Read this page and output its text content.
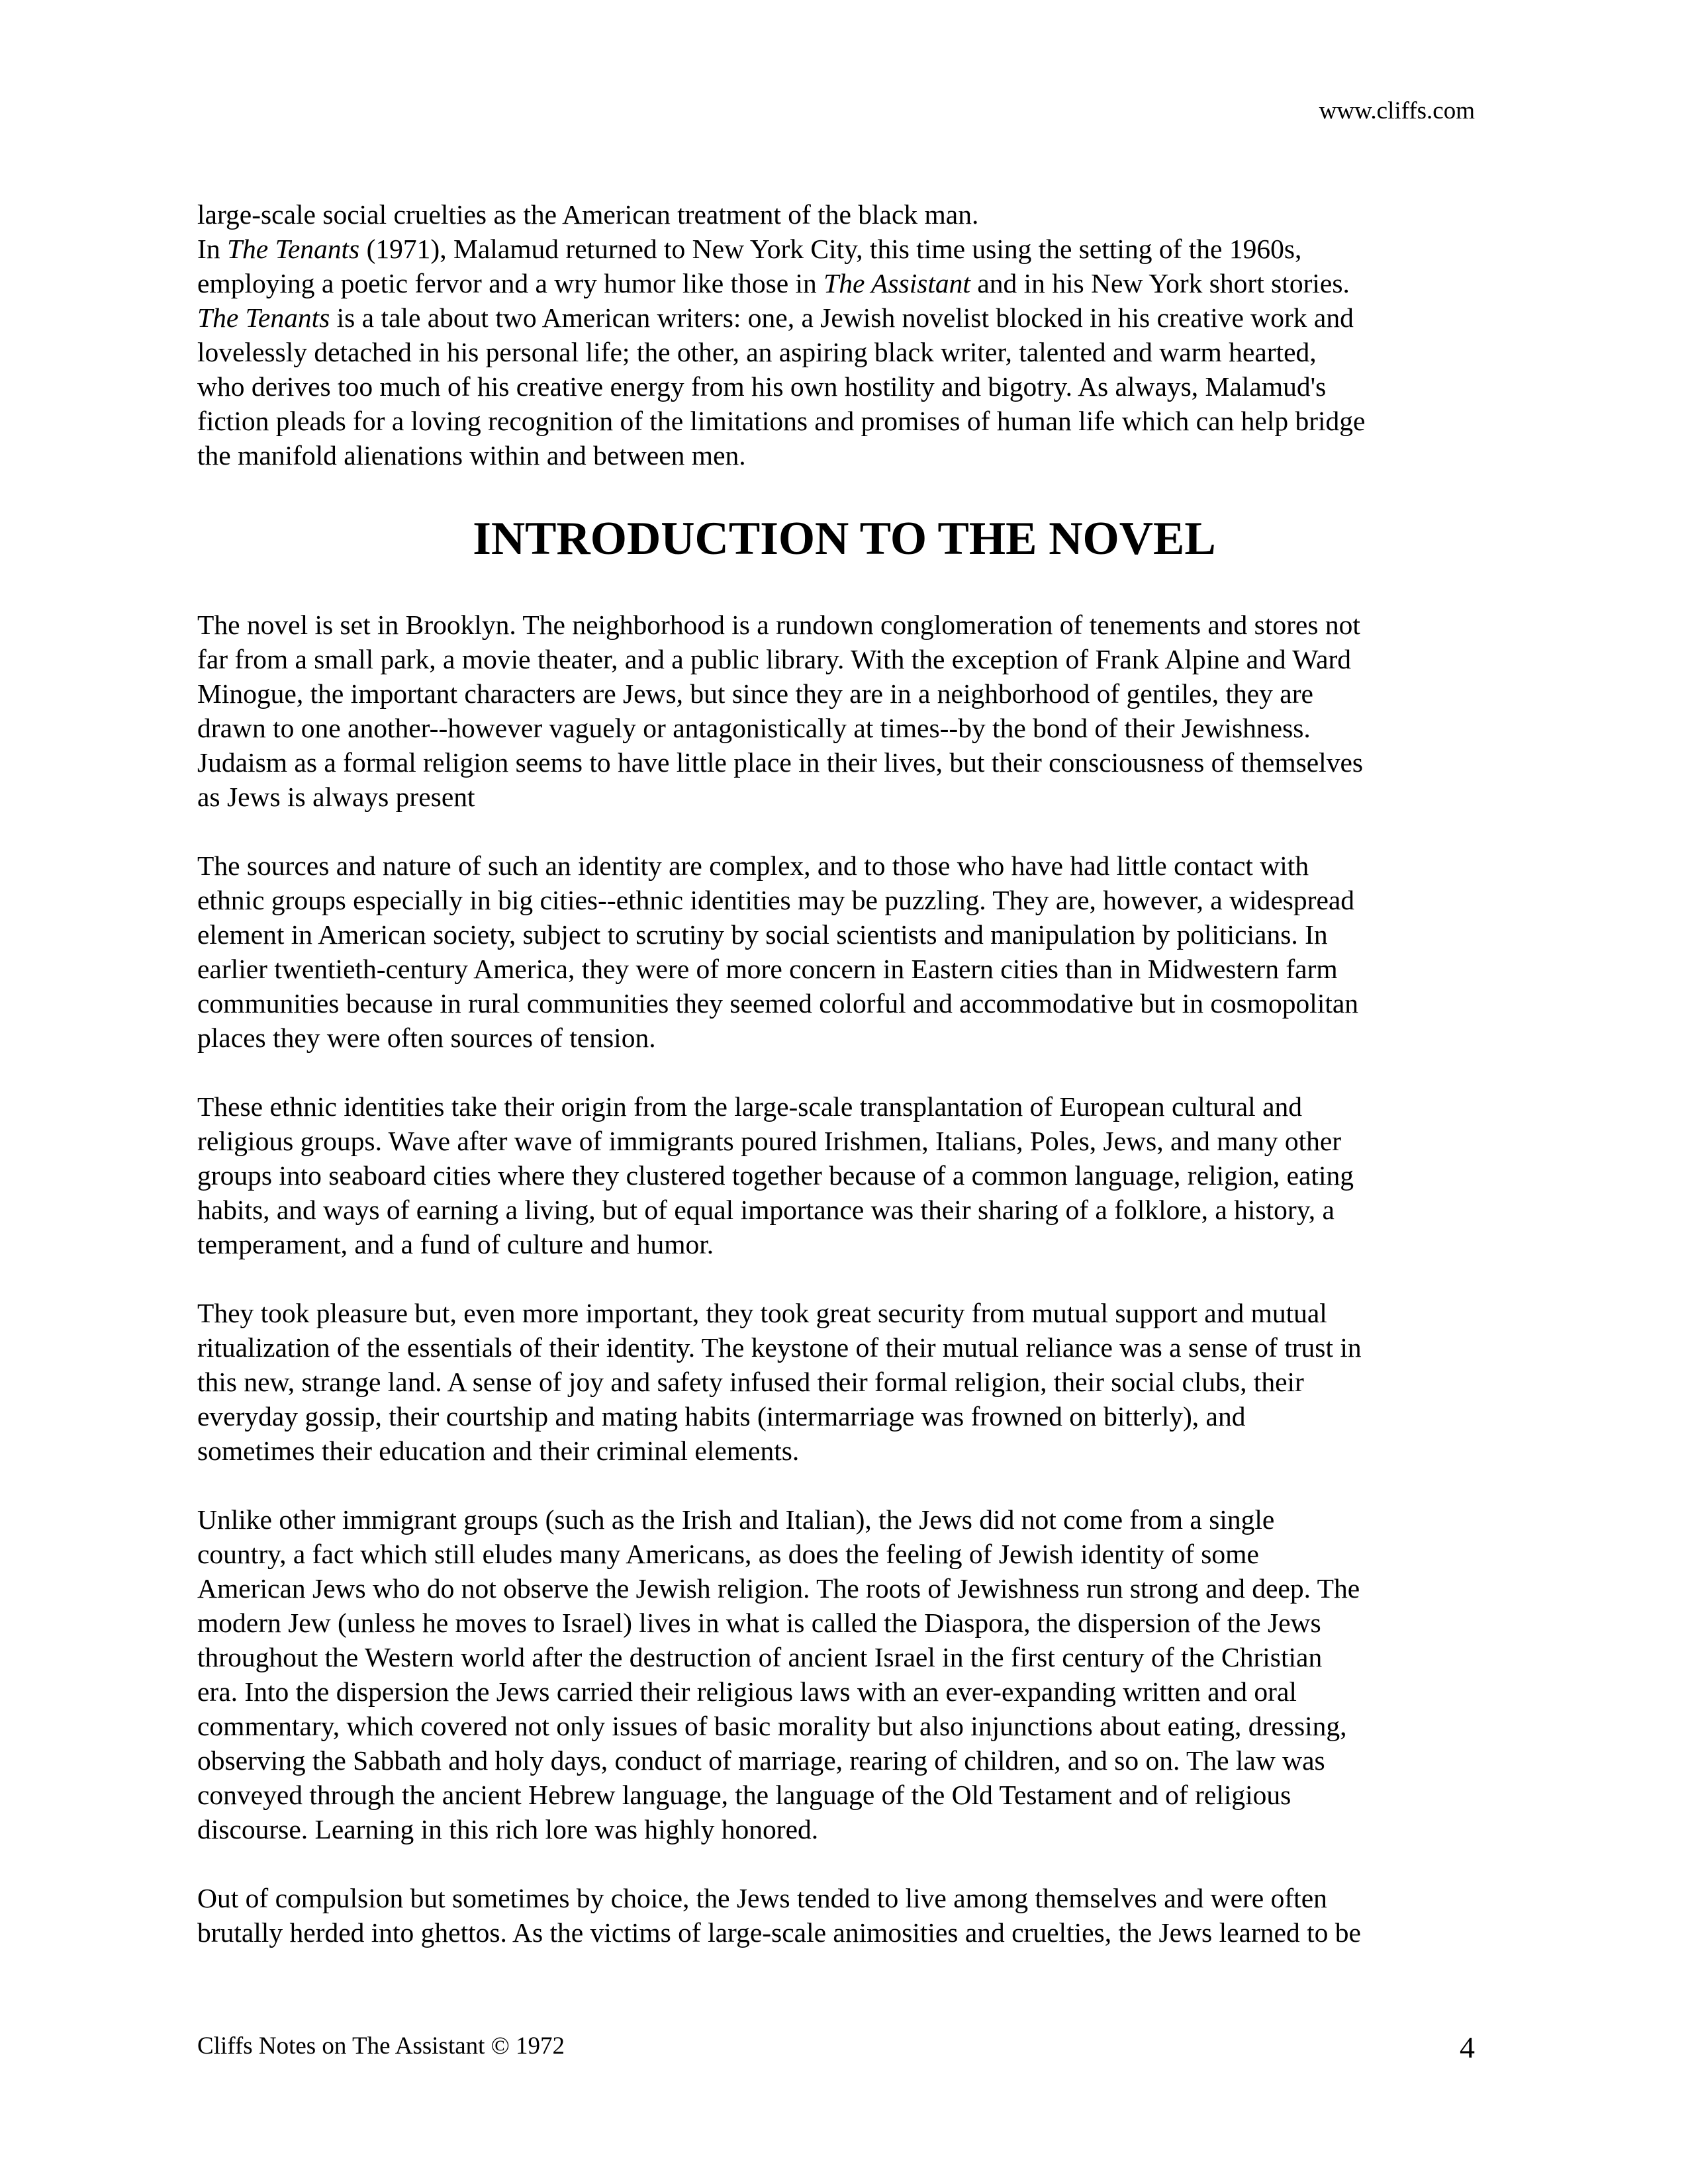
www.cliffs.com

large-scale social cruelties as the American treatment of the black man.
In The Tenants (1971), Malamud returned to New York City, this time using the setting of the 1960s,
employing a poetic fervor and a wry humor like those in The Assistant and in his New York short stories.
The Tenants is a tale about two American writers: one, a Jewish novelist blocked in his creative work and
lovelessly detached in his personal life; the other, an aspiring black writer, talented and warm hearted,
who derives too much of his creative energy from his own hostility and bigotry. As always, Malamud's
fiction pleads for a loving recognition of the limitations and promises of human life which can help bridge
the manifold alienations within and between men.

INTRODUCTION TO THE NOVEL

The novel is set in Brooklyn. The neighborhood is a rundown conglomeration of tenements and stores not
far from a small park, a movie theater, and a public library. With the exception of Frank Alpine and Ward
Minogue, the important characters are Jews, but since they are in a neighborhood of gentiles, they are
drawn to one another--however vaguely or antagonistically at times--by the bond of their Jewishness.
Judaism as a formal religion seems to have little place in their lives, but their consciousness of themselves
as Jews is always present

The sources and nature of such an identity are complex, and to those who have had little contact with
ethnic groups especially in big cities--ethnic identities may be puzzling. They are, however, a widespread
element in American society, subject to scrutiny by social scientists and manipulation by politicians. In
earlier twentieth-century America, they were of more concern in Eastern cities than in Midwestern farm
communities because in rural communities they seemed colorful and accommodative but in cosmopolitan
places they were often sources of tension.

These ethnic identities take their origin from the large-scale transplantation of European cultural and
religious groups. Wave after wave of immigrants poured Irishmen, Italians, Poles, Jews, and many other
groups into seaboard cities where they clustered together because of a common language, religion, eating
habits, and ways of earning a living, but of equal importance was their sharing of a folklore, a history, a
temperament, and a fund of culture and humor.

They took pleasure but, even more important, they took great security from mutual support and mutual
ritualization of the essentials of their identity. The keystone of their mutual reliance was a sense of trust in
this new, strange land. A sense of joy and safety infused their formal religion, their social clubs, their
everyday gossip, their courtship and mating habits (intermarriage was frowned on bitterly), and
sometimes their education and their criminal elements.

Unlike other immigrant groups (such as the Irish and Italian), the Jews did not come from a single
country, a fact which still eludes many Americans, as does the feeling of Jewish identity of some
American Jews who do not observe the Jewish religion. The roots of Jewishness run strong and deep. The
modern Jew (unless he moves to Israel) lives in what is called the Diaspora, the dispersion of the Jews
throughout the Western world after the destruction of ancient Israel in the first century of the Christian
era. Into the dispersion the Jews carried their religious laws with an ever-expanding written and oral
commentary, which covered not only issues of basic morality but also injunctions about eating, dressing,
observing the Sabbath and holy days, conduct of marriage, rearing of children, and so on. The law was
conveyed through the ancient Hebrew language, the language of the Old Testament and of religious
discourse. Learning in this rich lore was highly honored.

Out of compulsion but sometimes by choice, the Jews tended to live among themselves and were often
brutally herded into ghettos. As the victims of large-scale animosities and cruelties, the Jews learned to be

Cliffs Notes on The Assistant © 1972	4
